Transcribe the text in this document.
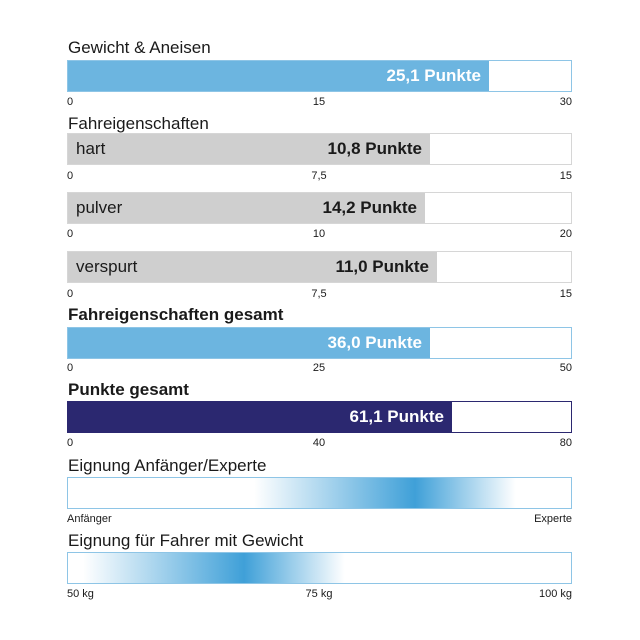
Gewicht & Aneisen
25,1 Punkte
0	15	30
Fahreigenschaften
hart	10,8 Punkte
0	7,5	15
pulver	14,2 Punkte
0	10	20
verspurt	11,0 Punkte
0	7,5	15
Fahreigenschaften gesamt
36,0 Punkte
0	25	50
Punkte gesamt
61,1 Punkte
0	40	80
Eignung Anfänger/Experte
Anfänger	Experte
Eignung für Fahrer mit Gewicht
50 kg	75 kg	100 kg
